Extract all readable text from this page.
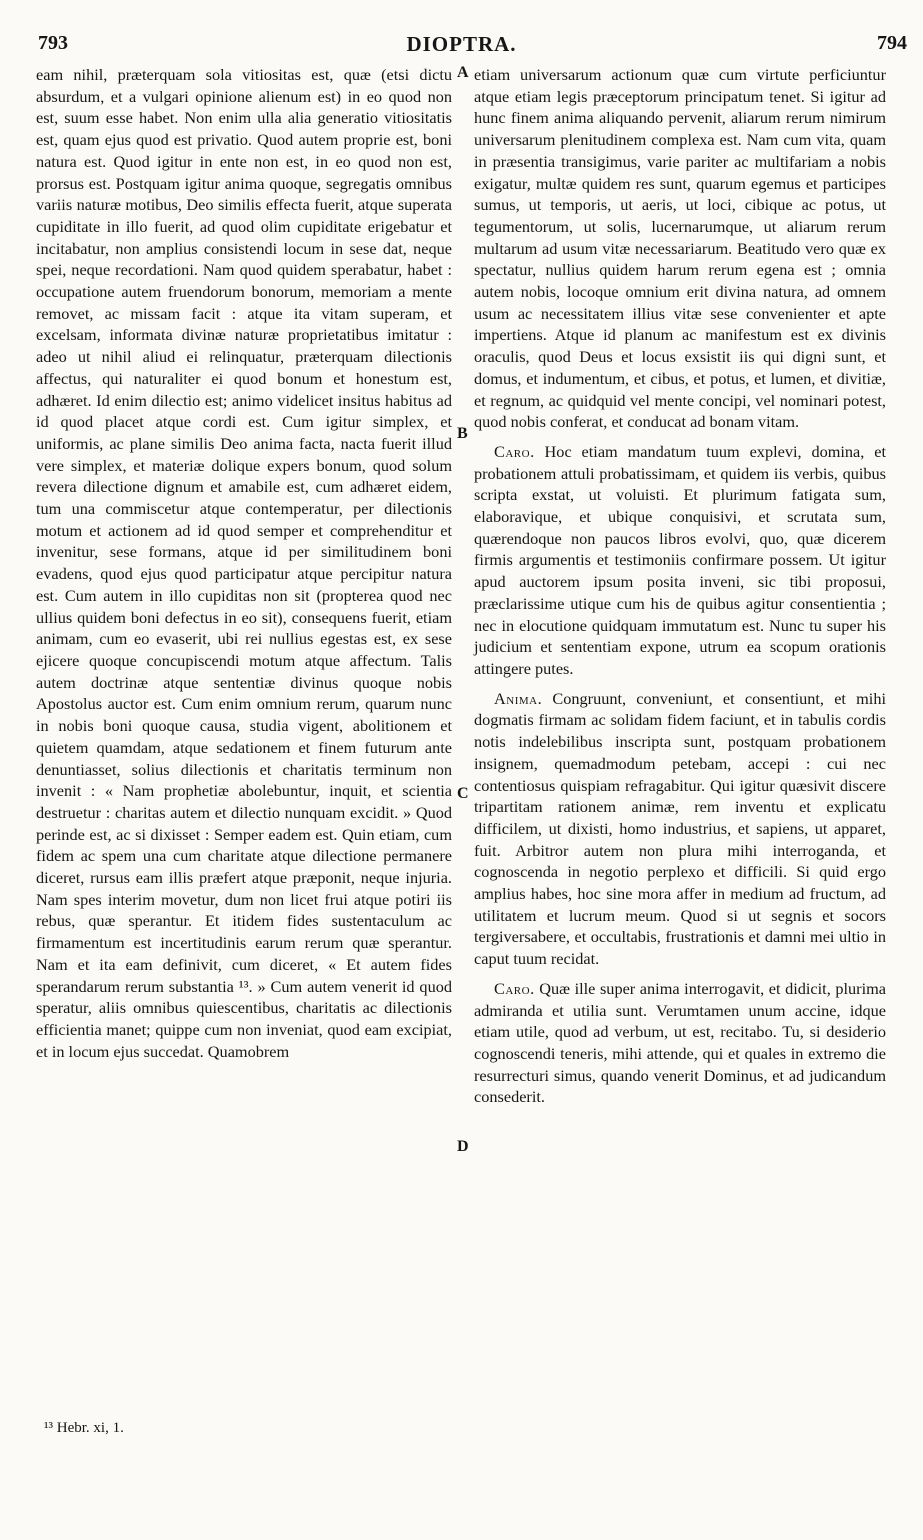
793	DIOPTRA.	794

eam nihil, præterquam sola vitiositas est, quæ (etsi dictu absurdum, et a vulgari opinione alienum est) in eo quod non est, suum esse habet. Non enim ulla alia generatio vitiositatis est, quam ejus quod est privatio. Quod autem proprie est, boni natura est. Quod igitur in ente non est, in eo quod non est, prorsus est. Postquam igitur anima quoque, segregatis omnibus variis naturæ motibus, Deo similis effecta fuerit, atque superata cupiditate in illo fuerit, ad quod olim cupiditate erigebatur et incitabatur, non amplius consistendi locum in sese dat, neque spei, neque recordationi. Nam quod quidem sperabatur, habet : occupatione autem fruendorum bonorum, memoriam a mente removet, ac missam facit : atque ita vitam superam, et excelsam, informata divinæ naturæ proprietatibus imitatur : adeo ut nihil aliud ei relinquatur, præterquam dilectionis affectus, qui naturaliter ei quod bonum et honestum est, adhæret. Id enim dilectio est; animo videlicet insitus habitus ad id quod placet atque cordi est. Cum igitur simplex, et uniformis, ac plane similis Deo anima facta, nacta fuerit illud vere simplex, et materiæ dolique expers bonum, quod solum revera dilectione dignum et amabile est, cum adhæret eidem, tum una commiscetur atque contemperatur, per dilectionis motum et actionem ad id quod semper et comprehenditur et invenitur, sese formans, atque id per similitudinem boni evadens, quod ejus quod participatur atque percipitur natura est. Cum autem in illo cupiditas non sit (propterea quod nec ullius quidem boni defectus in eo sit), consequens fuerit, etiam animam, cum eo evaserit, ubi rei nullius egestas est, ex sese ejicere quoque concupiscendi motum atque affectum. Talis autem doctrinæ atque sententiæ divinus quoque nobis Apostolus auctor est. Cum enim omnium rerum, quarum nunc in nobis boni quoque causa, studia vigent, abolitionem et quietem quamdam, atque sedationem et finem futurum ante denuntiasset, solius dilectionis et charitatis terminum non invenit : « Nam prophetiæ abolebuntur, inquit, et scientia destruetur : charitas autem et dilectio nunquam excidit. » Quod perinde est, ac si dixisset : Semper eadem est. Quin etiam, cum fidem ac spem una cum charitate atque dilectione permanere diceret, rursus eam illis præfert atque præponit, neque injuria. Nam spes interim movetur, dum non licet frui atque potiri iis rebus, quæ sperantur. Et itidem fides sustentaculum ac firmamentum est incertitudinis earum rerum quæ sperantur. Nam et ita eam definivit, cum diceret, « Et autem fides sperandarum rerum substantia ¹³. » Cum autem venerit id quod speratur, aliis omnibus quiescentibus, charitatis ac dilectionis efficientia manet; quippe cum non inveniat, quod eam excipiat, et in locum ejus succedat. Quamobrem

etiam universarum actionum quæ cum virtute perficiuntur atque etiam legis præceptorum principatum tenet. Si igitur ad hunc finem anima aliquando pervenit, aliarum rerum nimirum universarum plenitudinem complexa est. Nam cum vita, quam in præsentia transigimus, varie pariter ac multifariam a nobis exigatur, multæ quidem res sunt, quarum egemus et participes sumus, ut temporis, ut aeris, ut loci, cibique ac potus, ut tegumentorum, ut solis, lucernarumque, ut aliarum rerum multarum ad usum vitæ necessariarum. Beatitudo vero quæ ex spectatur, nullius quidem harum rerum egena est ; omnia autem nobis, locoque omnium erit divina natura, ad omnem usum ac necessitatem illius vitæ sese convenienter et apte impertiens. Atque id planum ac manifestum est ex divinis oraculis, quod Deus et locus exsistit iis qui digni sunt, et domus, et indumentum, et cibus, et potus, et lumen, et divitiæ, et regnum, ac quidquid vel mente concipi, vel nominari potest, quod nobis conferat, et conducat ad bonam vitam.

Caro. Hoc etiam mandatum tuum explevi, domina, et probationem attuli probatissimam, et quidem iis verbis, quibus scripta exstat, ut voluisti. Et plurimum fatigata sum, elaboravique, et ubique conquisivi, et scrutata sum, quærendoque non paucos libros evolvi, quo, quæ dicerem firmis argumentis et testimoniis confirmare possem. Ut igitur apud auctorem ipsum posita inveni, sic tibi proposui, præclarissime utique cum his de quibus agitur consentientia ; nec in elocutione quidquam immutatum est. Nunc tu super his judicium et sententiam expone, utrum ea scopum orationis attingere putes.

Anima. Congruunt, conveniunt, et consentiunt, et mihi dogmatis firmam ac solidam fidem faciunt, et in tabulis cordis notis indelebilibus inscripta sunt, postquam probationem insignem, quemadmodum petebam, accepi : cui nec contentiosus quispiam refragabitur. Qui igitur quæsivit discere tripartitam rationem animæ, rem inventu et explicatu difficilem, ut dixisti, homo industrius, et sapiens, ut apparet, fuit. Arbitror autem non plura mihi interroganda, et cognoscenda in negotio perplexo et difficili. Si quid ergo amplius habes, hoc sine mora affer in medium ad fructum, ad utilitatem et lucrum meum. Quod si ut segnis et socors tergiversabere, et occultabis, frustrationis et damni mei ultio in caput tuum recidat.

Caro. Quæ ille super anima interrogavit, et didicit, plurima admiranda et utilia sunt. Verumtamen unum accine, idque etiam utile, quod ad verbum, ut est, recitabo. Tu, si desiderio cognoscendi teneris, mihi attende, qui et quales in extremo die resurrecturi simus, quando venerit Dominus, et ad judicandum consederit.

A
B
C
D
¹³ Hebr. xi, 1.
